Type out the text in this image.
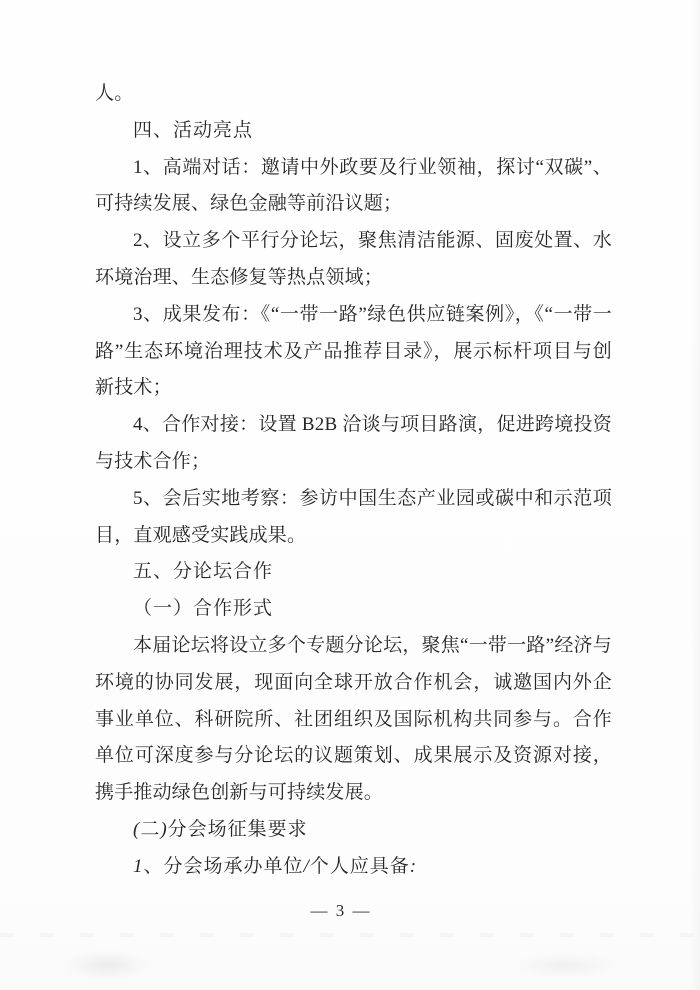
人。

四、活动亮点

1、高端对话：邀请中外政要及行业领袖，探讨“双碳”、可持续发展、绿色金融等前沿议题；

2、设立多个平行分论坛，聚焦清洁能源、固废处置、水环境治理、生态修复等热点领域；

3、成果发布：《“一带一路”绿色供应链案例》，《“一带一路”生态环境治理技术及产品推荐目录》，展示标杆项目与创新技术；

4、合作对接：设置 B2B 洽谈与项目路演，促进跨境投资与技术合作；

5、会后实地考察：参访中国生态产业园或碳中和示范项目，直观感受实践成果。

五、分论坛合作

（一）合作形式

本届论坛将设立多个专题分论坛，聚焦“一带一路”经济与环境的协同发展，现面向全球开放合作机会，诚邀国内外企事业单位、科研院所、社团组织及国际机构共同参与。合作单位可深度参与分论坛的议题策划、成果展示及资源对接，携手推动绿色创新与可持续发展。

(二)分会场征集要求

1、分会场承办单位/个人应具备:

— 3 —
